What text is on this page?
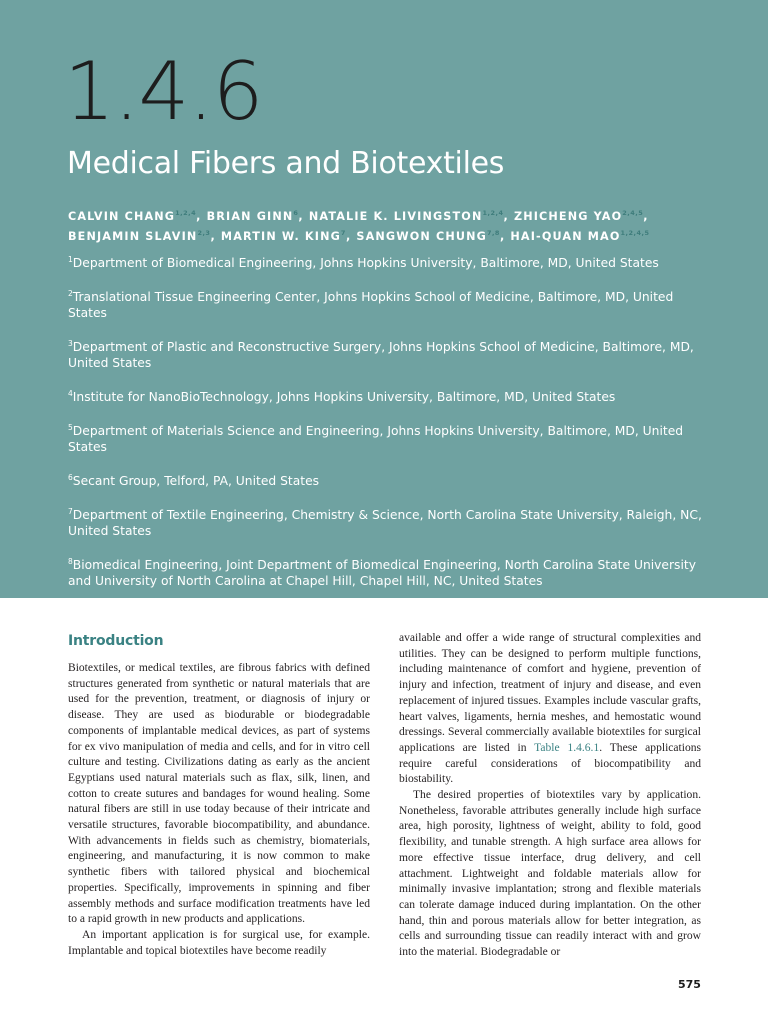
1.4.6
Medical Fibers and Biotextiles
CALVIN CHANG$^{1,2,4}$, BRIAN GINN$^6$, NATALIE K. LIVINGSTON$^{1,2,4}$, ZHICHENG YAO$^{2,4,5}$,
BENJAMIN SLAVIN$^{2,3}$, MARTIN W. KING$^7$, SANGWON CHUNG$^{7,8}$, HAI-QUAN MAO$^{1,2,4,5}$
$^1$Department of Biomedical Engineering, Johns Hopkins University, Baltimore, MD, United States
$^2$Translational Tissue Engineering Center, Johns Hopkins School of Medicine, Baltimore, MD, United States
$^3$Department of Plastic and Reconstructive Surgery, Johns Hopkins School of Medicine, Baltimore, MD, United States
$^4$Institute for NanoBioTechnology, Johns Hopkins University, Baltimore, MD, United States
$^5$Department of Materials Science and Engineering, Johns Hopkins University, Baltimore, MD, United States
$^6$Secant Group, Telford, PA, United States
$^7$Department of Textile Engineering, Chemistry & Science, North Carolina State University, Raleigh, NC, United States
$^8$Biomedical Engineering, Joint Department of Biomedical Engineering, North Carolina State University and University of North Carolina at Chapel Hill, Chapel Hill, NC, United States
Introduction

Biotextiles, or medical textiles, are fibrous fabrics with defined structures generated from synthetic or natural materials that are used for the prevention, treatment, or diagnosis of injury or disease. They are used as biodurable or biodegradable components of implantable medical devices, as part of systems for ex vivo manipulation of media and cells, and for in vitro cell culture and testing. Civilizations dating as early as the ancient Egyptians used natural materials such as flax, silk, linen, and cotton to create sutures and bandages for wound healing. Some natural fibers are still in use today because of their intricate and versatile structures, favorable biocompatibility, and abundance. With advancements in fields such as chemistry, biomaterials, engineering, and manufacturing, it is now common to make synthetic fibers with tailored physical and biochemical properties. Specifically, improvements in spinning and fiber assembly methods and surface modification treatments have led to a rapid growth in new products and applications.

An important application is for surgical use, for example. Implantable and topical biotextiles have become readily

available and offer a wide range of structural complexities and utilities. They can be designed to perform multiple functions, including maintenance of comfort and hygiene, prevention of injury and infection, treatment of injury and disease, and even replacement of injured tissues. Examples include vascular grafts, heart valves, ligaments, hernia meshes, and hemostatic wound dressings. Several commercially available biotextiles for surgical applications are listed in Table 1.4.6.1. These applications require careful considerations of biocompatibility and biostability.

The desired properties of biotextiles vary by application. Nonetheless, favorable attributes generally include high surface area, high porosity, lightness of weight, ability to fold, good flexibility, and tunable strength. A high surface area allows for more effective tissue interface, drug delivery, and cell attachment. Lightweight and foldable materials allow for minimally invasive implantation; strong and flexible materials can tolerate damage induced during implantation. On the other hand, thin and porous materials allow for better integration, as cells and surrounding tissue can readily interact with and grow into the material. Biodegradable or

575
